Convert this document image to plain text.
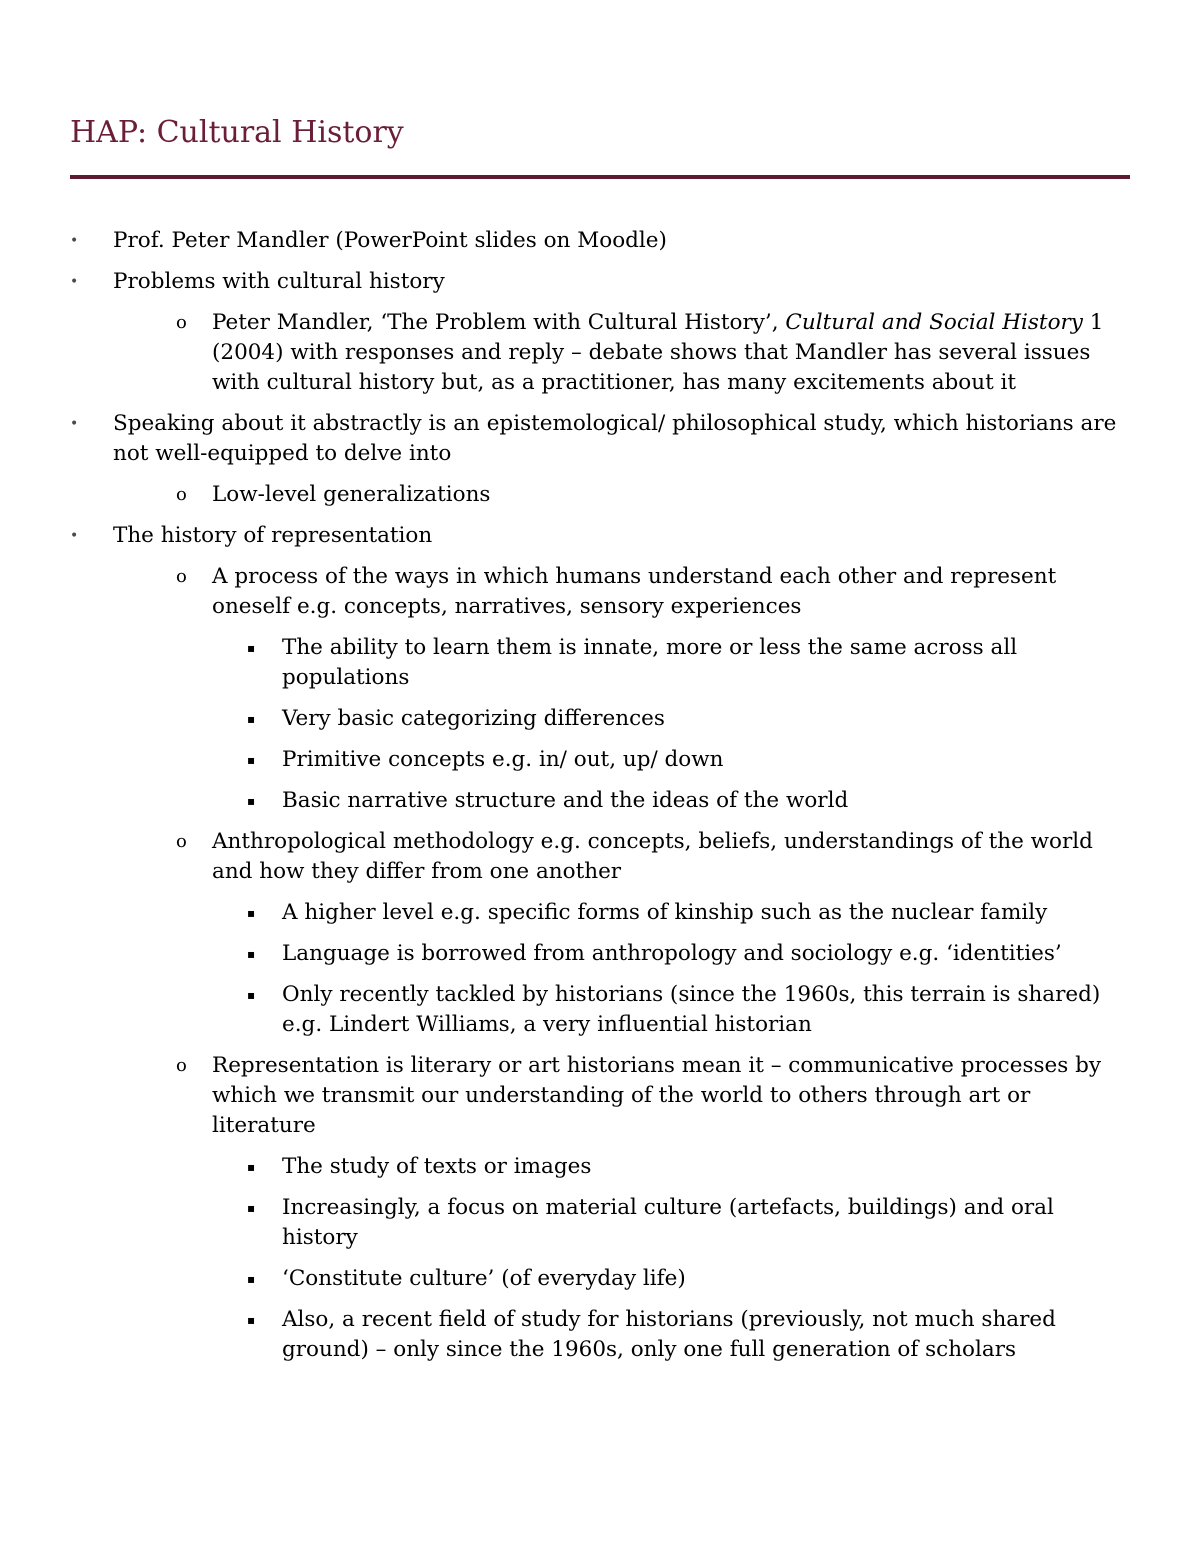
HAP: Cultural History
• Prof. Peter Mandler (PowerPoint slides on Moodle)
• Problems with cultural history
o Peter Mandler, ‘The Problem with Cultural History’, Cultural and Social History 1 (2004) with responses and reply – debate shows that Mandler has several issues with cultural history but, as a practitioner, has many excitements about it
• Speaking about it abstractly is an epistemological/ philosophical study, which historians are not well-equipped to delve into
o Low-level generalizations
• The history of representation
o A process of the ways in which humans understand each other and represent oneself e.g. concepts, narratives, sensory experiences
▪ The ability to learn them is innate, more or less the same across all populations
▪ Very basic categorizing differences
▪ Primitive concepts e.g. in/ out, up/ down
▪ Basic narrative structure and the ideas of the world
o Anthropological methodology e.g. concepts, beliefs, understandings of the world and how they differ from one another
▪ A higher level e.g. specific forms of kinship such as the nuclear family
▪ Language is borrowed from anthropology and sociology e.g. ‘identities’
▪ Only recently tackled by historians (since the 1960s, this terrain is shared) e.g. Lindert Williams, a very influential historian
o Representation is literary or art historians mean it – communicative processes by which we transmit our understanding of the world to others through art or literature
▪ The study of texts or images
▪ Increasingly, a focus on material culture (artefacts, buildings) and oral history
▪ ‘Constitute culture’ (of everyday life)
▪ Also, a recent field of study for historians (previously, not much shared ground) – only since the 1960s, only one full generation of scholars
